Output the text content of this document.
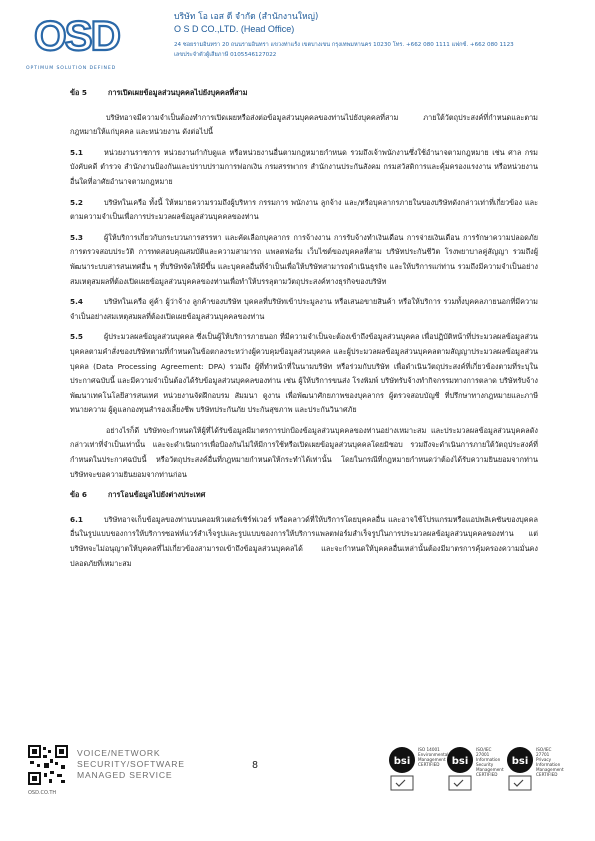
OSD
OPTIMUM SOLUTION DEFINED
บริษัท โอ เอส ดี จำกัด (สำนักงานใหญ่)
O S D CO.,LTD. (Head Office)
24 ซอยรามอินทรา 20 ถนนรามอินทรา แขวงท่าแร้ง เขตบางเขน กรุงเทพมหานคร 10230 โทร. +662 080 1111 แฟกซ์. +662 080 1123
เลขประจำตัวผู้เสียภาษี 0105546127022
ข้อ 5	การเปิดเผยข้อมูลส่วนบุคคลไปยังบุคคลที่สาม
บริษัทอาจมีความจำเป็นต้องทำการเปิดเผยหรือส่งต่อข้อมูลส่วนบุคคลของท่านไปยังบุคคลที่สาม ภายใต้วัตถุประสงค์ที่กำหนดและตามกฎหมายให้แก่บุคคล และหน่วยงาน ดังต่อไปนี้
5.1	หน่วยงานราชการ หน่วยงานกำกับดูแล หรือหน่วยงานอื่นตามกฎหมายกำหนด รวมถึงเจ้าพนักงานซึ่งใช้อำนาจตามกฎหมาย เช่น ศาล กรมบังคับคดี ตำรวจ สำนักงานป้องกันและปราบปรามการฟอกเงิน กรมสรรพากร สำนักงานประกันสังคม กรมสวัสดิการและคุ้มครองแรงงาน หรือหน่วยงานอื่นใดที่อาศัยอำนาจตามกฎหมาย
5.2	บริษัทในเครือ ทั้งนี้ ให้หมายความรวมถึงผู้บริหาร กรรมการ พนักงาน ลูกจ้าง และ/หรือบุคลากรภายในของบริษัทดังกล่าวเท่าที่เกี่ยวข้อง และตามความจำเป็นเพื่อการประมวลผลข้อมูลส่วนบุคคลของท่าน
5.3	ผู้ให้บริการเกี่ยวกับกระบวนการสรรหา และคัดเลือกบุคลากร การจ้างงาน การรับจ้างทำเงินเดือน การจ่ายเงินเดือน การรักษาความปลอดภัย การตรวจสอบประวัติ การทดสอบคุณสมบัติและความสามารถ แพลตฟอร์ม เว็บไซต์ของบุคคลที่สาม บริษัทประกันชีวิต โรงพยาบาลคู่สัญญา รวมถึงผู้พัฒนาระบบสารสนเทศอื่น ๆ ที่บริษัทจัดให้มีขึ้น และบุคคลอื่นที่จำเป็นเพื่อให้บริษัทสามารถดำเนินธุรกิจ และให้บริการแก่ท่าน รวมถึงมีความจำเป็นอย่างสมเหตุสมผลที่ต้องเปิดเผยข้อมูลส่วนบุคคลของท่านเพื่อทำให้บรรลุตามวัตถุประสงค์ทางธุรกิจของบริษัท
5.4	บริษัทในเครือ คู่ค้า ผู้ว่าจ้าง ลูกค้าของบริษัท บุคคลที่บริษัทเข้าประมูลงาน หรือเสนอขายสินค้า หรือให้บริการ รวมทั้งบุคคลภายนอกที่มีความจำเป็นอย่างสมเหตุสมผลที่ต้องเปิดเผยข้อมูลส่วนบุคคลของท่าน
5.5	ผู้ประมวลผลข้อมูลส่วนบุคคล ซึ่งเป็นผู้ให้บริการภายนอก ที่มีความจำเป็นจะต้องเข้าถึงข้อมูลส่วนบุคคล เพื่อปฏิบัติหน้าที่ประมวลผลข้อมูลส่วนบุคคลตามคำสั่งของบริษัทตามที่กำหนดในข้อตกลงระหว่างผู้ควบคุมข้อมูลส่วนบุคคล และผู้ประมวลผลข้อมูลส่วนบุคคลตามสัญญาประมวลผลข้อมูลส่วนบุคคล (Data Processing Agreement: DPA) รวมถึง ผู้ที่ทำหน้าที่ในนามบริษัท หรือร่วมกับบริษัท เพื่อดำเนินวัตถุประสงค์ที่เกี่ยวข้องตามที่ระบุในประกาศฉบับนี้ และมีความจำเป็นต้องได้รับข้อมูลส่วนบุคคลของท่าน เช่น ผู้ให้บริการขนส่ง โรงพิมพ์ บริษัทรับจ้างทำกิจกรรมทางการตลาด บริษัทรับจ้างพัฒนาเทคโนโลยีสารสนเทศ หน่วยงานจัดฝึกอบรม สัมมนา ดูงาน เพื่อพัฒนาศักยภาพของบุคลากร ผู้ตรวจสอบบัญชี ที่ปรึกษาทางกฎหมายและภาษี ทนายความ ผู้ดูแลกองทุนสำรองเลี้ยงชีพ บริษัทประกันภัย ประกันสุขภาพ และประกันวินาศภัย
อย่างไรก็ดี บริษัทจะกำหนดให้ผู้ที่ได้รับข้อมูลมีมาตรการปกป้องข้อมูลส่วนบุคคลของท่านอย่างเหมาะสม และประมวลผลข้อมูลส่วนบุคคลดังกล่าวเท่าที่จำเป็นเท่านั้น และจะดำเนินการเพื่อป้องกันไม่ให้มีการใช้หรือเปิดเผยข้อมูลส่วนบุคคลโดยมิชอบ รวมถึงจะดำเนินการภายใต้วัตถุประสงค์ที่กำหนดในประกาศฉบับนี้ หรือวัตถุประสงค์อื่นที่กฎหมายกำหนดให้กระทำได้เท่านั้น โดยในกรณีที่กฎหมายกำหนดว่าต้องได้รับความยินยอมจากท่าน บริษัทจะขอความยินยอมจากท่านก่อน
ข้อ 6	การโอนข้อมูลไปยังต่างประเทศ
6.1	บริษัทอาจเก็บข้อมูลของท่านบนคอมพิวเตอร์เซิร์ฟเวอร์ หรือคลาวด์ที่ให้บริการโดยบุคคลอื่น และอาจใช้โปรแกรมหรือแอปพลิเคชันของบุคคลอื่นในรูปแบบของการให้บริการซอฟท์แวร์สำเร็จรูปและรูปแบบของการให้บริการแพลตฟอร์มสำเร็จรูปในการประมวลผลข้อมูลส่วนบุคคลของท่าน แต่บริษัทจะไม่อนุญาตให้บุคคลที่ไม่เกี่ยวข้องสามารถเข้าถึงข้อมูลส่วนบุคคลได้ และจะกำหนดให้บุคคลอื่นเหล่านั้นต้องมีมาตรการคุ้มครองความมั่นคงปลอดภัยที่เหมาะสม
OSD.CO.TH
VOICE/NETWORK
SECURITY/SOFTWARE
MANAGED SERVICE
8	bsi
ISO 14001
Environmental
Management
CERTIFIED	bsi
ISO/IEC
27001
Information Security
Management
CERTIFIED
bsi
ISO/IEC
27701
Privacy
Information
Management
CERTIFIED
